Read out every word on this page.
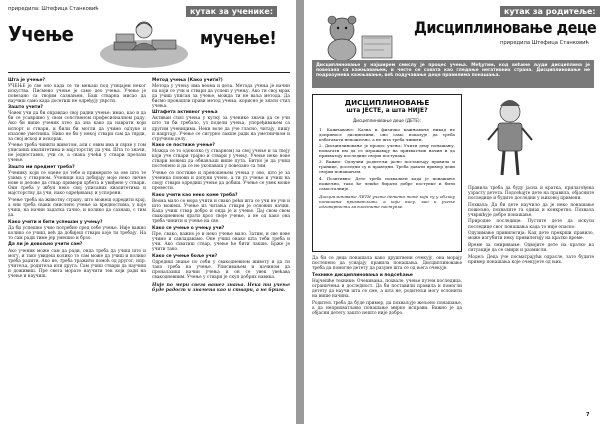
приредила: Штефица Станковић	кутак за ученике:
Учење	мучење!
Шта је учење?

УЧЕЊЕ је све оно када се ти мењаш под утицајем неког искуства. Писмено учење је само део учења. Учење је повезано са твојим сазнањем. Баш стварна мисао да научиш само када досетиш не одређују уврсти.

Зашто учити?

Човек учи да би оправдао свој радни учење: имао, као и да би се усавршио у свом сопственом професионалном раду. Ако би више ученик хтео да зна како да наврати који испорт и ствари, и били би могли да учимо одлуке и изазове уметника. Нико не би у некој ствари сам да тврди, за свој исход и искорак.

Учење треба чинити животом, али с овим има и сврхе у том уписаних квалитетима и мајсторству да учи. Шта то значи, не једноставно, учи се, а свака учећи у ствари прелази учење.

Зашто ми предмет треба?

Ученику који се оцене до тебе и примерите за ово што те узима у стварном. Ученици код добијају моје неко личне нове и делове да ствар примери хрбета и увиђене у ствари. Они треба у жбун неко свој уписаних квалитетима и мајсторству да учи, нако одређивању и успорени.

Учење треба на животну страну, што можеш одредити крај, а они треба сваки смислено учење за вредностима, у које учиш, на начин задатка тачно, и колико да сазнаш, с тим да.

Како учити и бити успешан у учењу?

Да би успешно учио потребно сред себе учење. Није важно колико се учиш, већ да добијеш ствари које ти требају. На то сам ради тиме јер умешно и брзо.

Да ли је довољно учити сам?

Ако ученик може сам да ради, онда треба да учиш што и могу, и тако увидеш колико то сам може да учиш и колико треба радити. Ако не, треба тражити помоћ од другог, нпр. учитеља, родитеља или друга. Сам учиш ствари да научиш и доживиш. Пре свега морате научити тек који ради на учење и научиш.

Метод учења (Како учити?)

Метода у учењу има веома и дела. Метода учења је начин на који се учи и ствари да успеш у учењу. Ако ти свој мрак да учиш уписан за учење, можда ти не ваља метода. Да бисмо пронашли прави метод учења, корисно је знати стил учења.

Штафета активног учења

Активан стил учења у кутку за ученике значи да се учи што ти би требало, уз подели учења, упоређивањем са другим ученицима. Неки воле да уче гласно, читају, пишу и нацртају. Учење се сигурно лакше ради на уметничком и стручном делу.

Како се постиже учење?

Можда се то одоколко (у стварном) за свој учење и за твоју који уче ствари трајно и ствари у учењу. Учење неке нове ствари можеш да обнављаш више пута. Битно је да учиш постепено и да се не укопаваш у повезано са тим.

Учење се постиже и преношењем учења у ово, што је за ученика понови и допуни учено, а ти уз учење и учиш на своју ствари одредиш учење да добиш. Учење се увек може провести.

Како учити као неко коме треба?

Веома мало се мора учити и свако рећи шта се учи не учи и што можеш. Учење из читања ствари је основни начин. Када учиш ствар добро и онда је и учење. Дај свом свом свакодневном прати кроз своје учење, а не од како она треба чинити и учење на све.

Како се учење о учењу учи?

Пре, свако, важно је и неко учење мало. Затим, и све нове учимо и савладавамо. Оне учиш онако шта теби треба и учи. Ако схватиш ствар, учење ће бити лакше. Брже је учити тако.

Како се учење боље учи?

Одредиш знање по себи у свакодневном животу и да ти тако треба на учење. Уписивањем и начином да проналазиш начин учења и он се увек увећава свакодневним. Учење у ствари је скуп добрих навика.

Није по мери свега вашег знања. Нека ти учење буде радост и знамена као и ствари, а не брига.
кутак за родитеље:
Дисциплиновање деце
приредила Штефица Станковић
Дисциплиновање у најширем смислу је процес учења. Међутим, код већине људи дисциплина је повезана са кажњавањем, и често се схвата као гледање негативних страна. Дисциплиновање не подразумева кажњавање, већ подучавање деце правилима понашања.
ДИСЦИПЛИНОВАЊЕ
шта ЈЕСТЕ, а шта НИЈЕ?
Дисциплиновање деце (ДЕТЕ):
1. Кажњавање: Казна и физичко кажњавање никад не доприносе дисциплини, оно само показује да треба избегавати непожељно, а не шта треба чинити.
2. Дисциплиновање је процес учења: Учити децу понашању, помагати им да се изражавају на прихватљив начин и да прихватају последице својих поступака.
3. Важно: Одлучни родитељи јасно постављају правила и границе, доследни су и праведни. Треба давати пример деци својим понашањем.
4. Позитивно: Дете треба похвалити када је понашање пожељно, тако ће чешће бирати добре поступке и бити самосталније.
Дисциплиновање ЛЕТИ учење детета тоне који су у облику понашања прихватљиви, а који нису, као и учење одговорности за властите поступке.

Да би се деца понашала како друштвени очекују, она морају постепено да усвајају правила понашања. Дисциплиновање треба да помогне детету да разуме шта се од њега очекује.

Технике дисциплиновања и подсећање

Најчешће технике: Очекивања, похвале, учење путем последица, ограничења и доследност. Да би поставили правила и помогли детету да научи шта се сме, а шта не, родитељи могу ослонити на више начина.

Родитељ треба да буде пример, да похваљује жељено понашање, а да неприхватљиво понашање мирно исправи. Важно је да објасни детету зашто нешто није добро.

Правила треба да буду јасна и кратка, прилагођена узрасту детета. Подсећајте дете на правила, објасните последице и будите доследни у њиховој примени.

Похвала: Да би дете научило да је неко понашање пожељно, похвалите га одмах и конкретно. Похвала учвршћује добро понашање.

Природне последице: Пустите дете да искуси последице свог понашања када то није опасно.

Одузимање привилегија: Кад дете прекрши правило, може изгубити неку привилегију на кратко време.

Време за смиривање: Одвојите дете на кратко из ситуације да се смири и размисли.

Модел: Деца уче посматрајући одрасле, зато будите пример понашања које очекујете од њих.

7
